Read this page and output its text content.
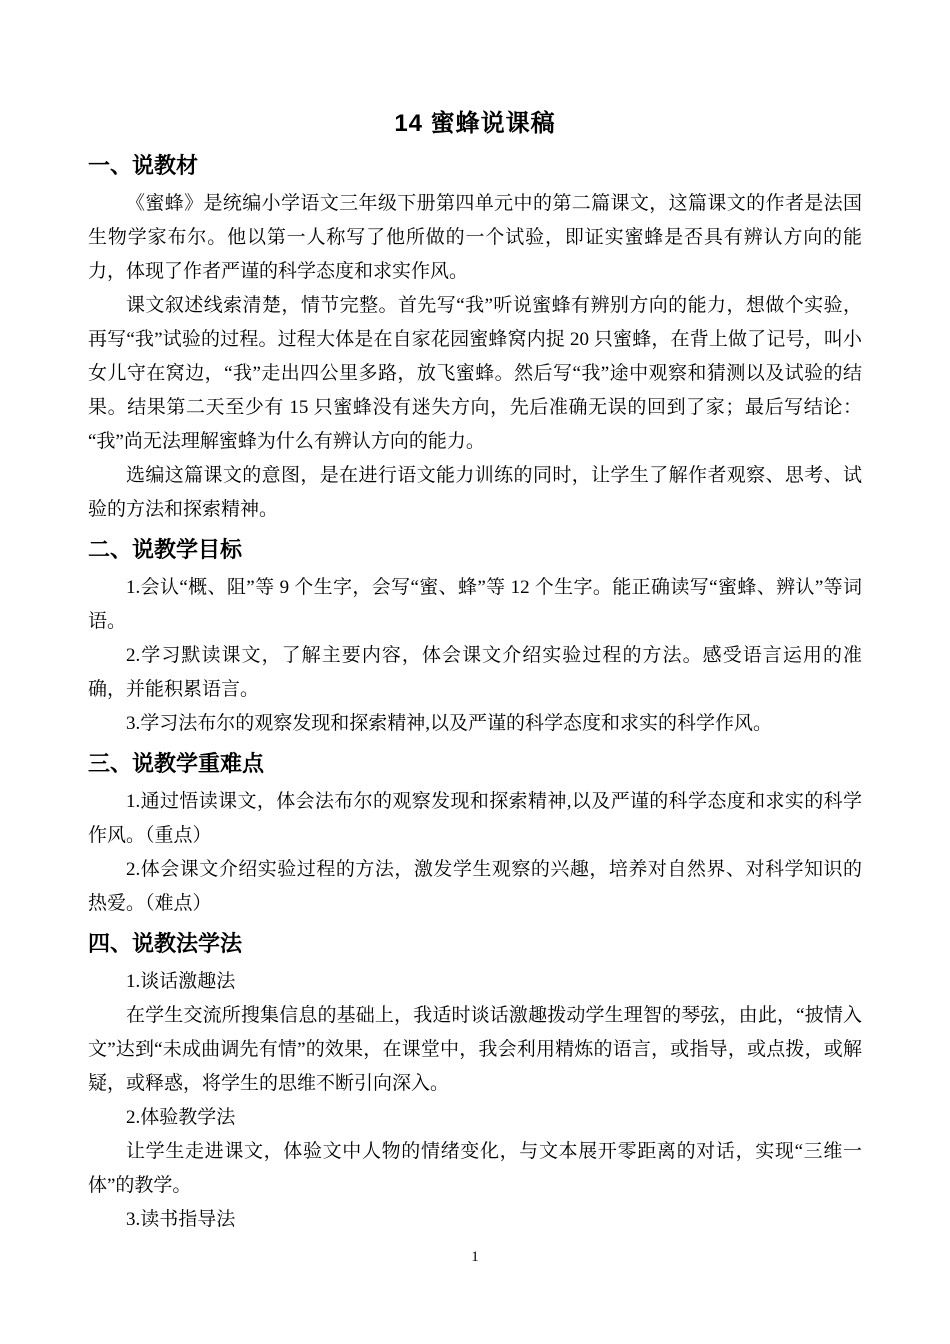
14 蜜蜂说课稿
一、说教材

《蜜蜂》是统编小学语文三年级下册第四单元中的第二篇课文，这篇课文的作者是法国生物学家布尔。他以第一人称写了他所做的一个试验，即证实蜜蜂是否具有辨认方向的能力，体现了作者严谨的科学态度和求实作风。

课文叙述线索清楚，情节完整。首先写“我”听说蜜蜂有辨别方向的能力，想做个实验，再写“我”试验的过程。过程大体是在自家花园蜜蜂窝内捉 20 只蜜蜂，在背上做了记号，叫小女儿守在窝边，“我”走出四公里多路，放飞蜜蜂。然后写“我”途中观察和猜测以及试验的结果。结果第二天至少有 15 只蜜蜂没有迷失方向，先后准确无误的回到了家；最后写结论：“我”尚无法理解蜜蜂为什么有辨认方向的能力。

选编这篇课文的意图，是在进行语文能力训练的同时，让学生了解作者观察、思考、试验的方法和探索精神。

二、说教学目标

1.会认“概、阻”等 9 个生字，会写“蜜、蜂”等 12 个生字。能正确读写“蜜蜂、辨认”等词语。

2.学习默读课文，了解主要内容，体会课文介绍实验过程的方法。感受语言运用的准确，并能积累语言。

3.学习法布尔的观察发现和探索精神,以及严谨的科学态度和求实的科学作风。

三、说教学重难点

1.通过悟读课文，体会法布尔的观察发现和探索精神,以及严谨的科学态度和求实的科学作风。（重点）

2.体会课文介绍实验过程的方法，激发学生观察的兴趣，培养对自然界、对科学知识的热爱。（难点）

四、说教法学法

1.谈话激趣法

在学生交流所搜集信息的基础上，我适时谈话激趣拨动学生理智的琴弦，由此，“披情入文”达到“未成曲调先有情”的效果，在课堂中，我会利用精炼的语言，或指导，或点拨，或解疑，或释惑，将学生的思维不断引向深入。

2.体验教学法

让学生走进课文，体验文中人物的情绪变化，与文本展开零距离的对话，实现“三维一体”的教学。

3.读书指导法

1
